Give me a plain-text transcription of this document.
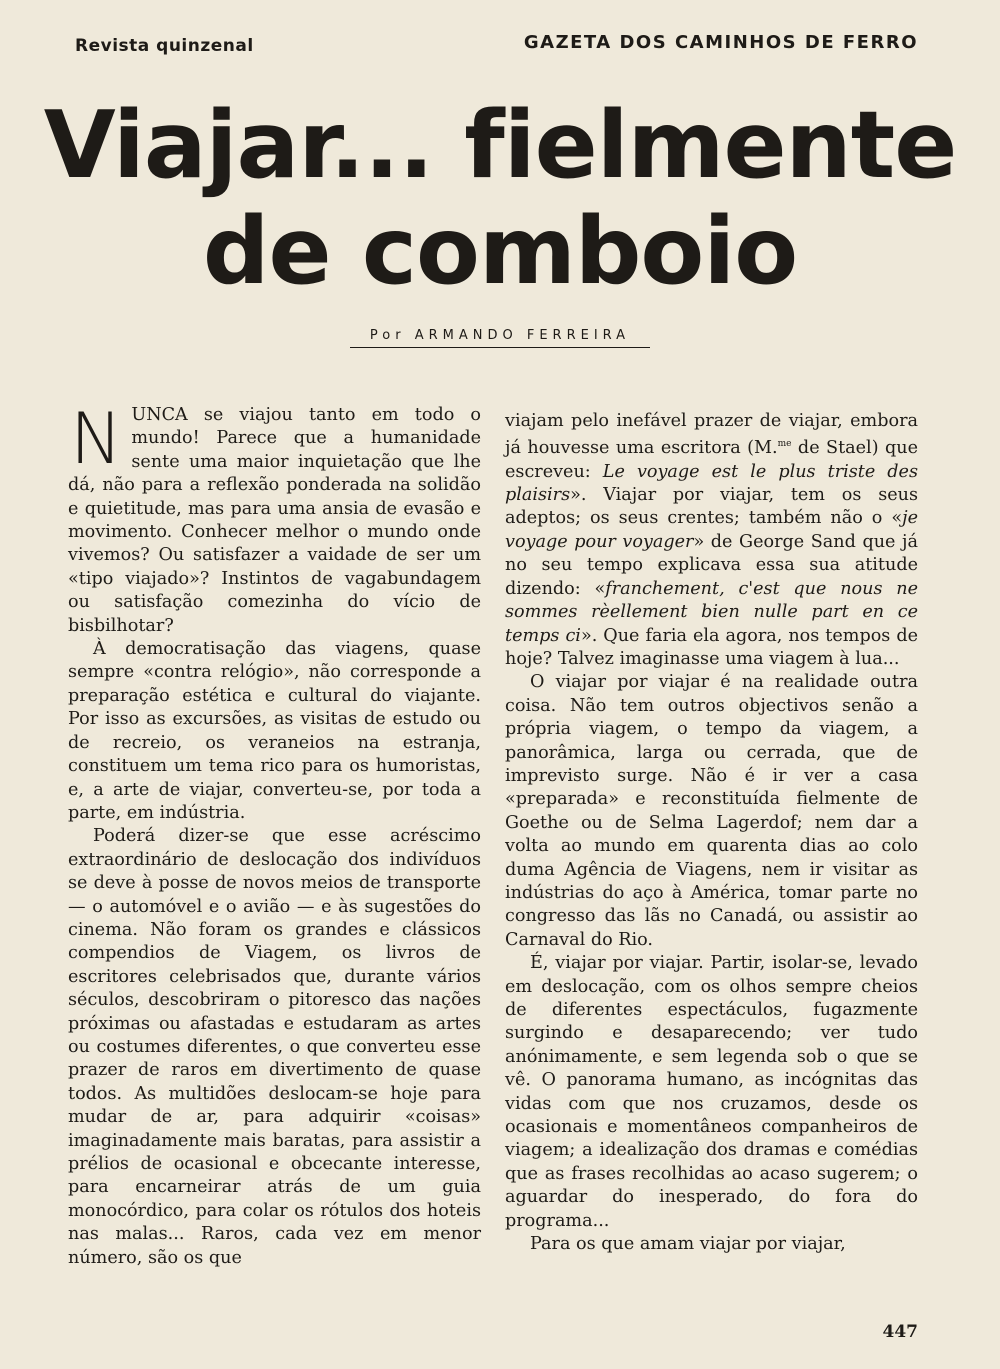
Revista quinzenal	GAZETA DOS CAMINHOS DE FERRO
Viajar... fielmente
de comboio
Por ARMANDO FERREIRA

NUNCA se viajou tanto em todo o mundo! Parece que a humanidade sente uma maior inquietação que lhe dá, não para a reflexão ponderada na solidão e quietitude, mas para uma ansia de evasão e movimento. Conhecer melhor o mundo onde vivemos? Ou satisfazer a vaidade de ser um «tipo viajado»? Instintos de vagabundagem ou satisfação comezinha do vício de bisbilhotar?

À democratisação das viagens, quase sempre «contra relógio», não corresponde a preparação estética e cultural do viajante. Por isso as excursões, as visitas de estudo ou de recreio, os veraneios na estranja, constituem um tema rico para os humoristas, e, a arte de viajar, converteu-se, por toda a parte, em indústria.

Poderá dizer-se que esse acréscimo extraordinário de deslocação dos indivíduos se deve à posse de novos meios de transporte — o automóvel e o avião — e às sugestões do cinema. Não foram os grandes e clássicos compendios de Viagem, os livros de escritores celebrisados que, durante vários séculos, descobriram o pitoresco das nações próximas ou afastadas e estudaram as artes ou costumes diferentes, o que converteu esse prazer de raros em divertimento de quase todos. As multidões deslocam-se hoje para mudar de ar, para adquirir «coisas» imaginadamente mais baratas, para assistir a prélios de ocasional e obcecante interesse, para encarneirar atrás de um guia monocórdico, para colar os rótulos dos hoteis nas malas... Raros, cada vez em menor número, são os que

viajam pelo inefável prazer de viajar, embora já houvesse uma escritora (M.$^{me}$ de Stael) que escreveu: Le voyage est le plus triste des plaisirs». Viajar por viajar, tem os seus adeptos; os seus crentes; também não o «je voyage pour voyager» de George Sand que já no seu tempo explicava essa sua atitude dizendo: «franchement, c'est que nous ne sommes rèellement bien nulle part en ce temps ci». Que faria ela agora, nos tempos de hoje? Talvez imaginasse uma viagem à lua...

O viajar por viajar é na realidade outra coisa. Não tem outros objectivos senão a própria viagem, o tempo da viagem, a panorâmica, larga ou cerrada, que de imprevisto surge. Não é ir ver a casa «preparada» e reconstituída fielmente de Goethe ou de Selma Lagerdof; nem dar a volta ao mundo em quarenta dias ao colo duma Agência de Viagens, nem ir visitar as indústrias do aço à América, tomar parte no congresso das lãs no Canadá, ou assistir ao Carnaval do Rio.

É, viajar por viajar. Partir, isolar-se, levado em deslocação, com os olhos sempre cheios de diferentes espectáculos, fugazmente surgindo e desaparecendo; ver tudo anónimamente, e sem legenda sob o que se vê. O panorama humano, as incógnitas das vidas com que nos cruzamos, desde os ocasionais e momentâneos companheiros de viagem; a idealização dos dramas e comédias que as frases recolhidas ao acaso sugerem; o aguardar do inesperado, do fora do programa...

Para os que amam viajar por viajar,

447
